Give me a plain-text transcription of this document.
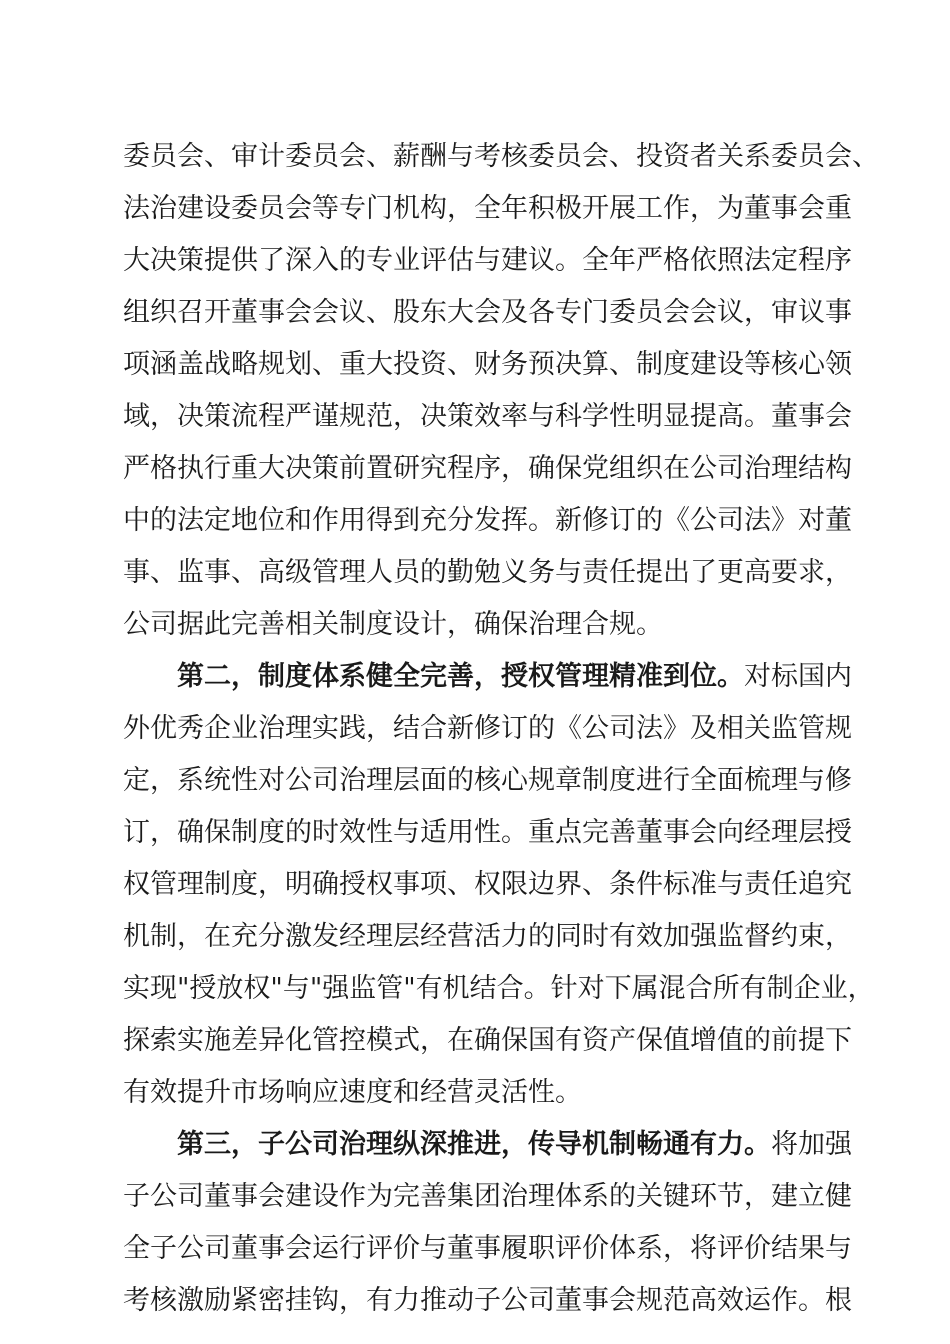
委员会、审计委员会、薪酬与考核委员会、投资者关系委员会、
法治建设委员会等专门机构，全年积极开展工作，为董事会重
大决策提供了深入的专业评估与建议。全年严格依照法定程序
组织召开董事会会议、股东大会及各专门委员会会议，审议事
项涵盖战略规划、重大投资、财务预决算、制度建设等核心领
域，决策流程严谨规范，决策效率与科学性明显提高。董事会
严格执行重大决策前置研究程序，确保党组织在公司治理结构
中的法定地位和作用得到充分发挥。新修订的《公司法》对董
事、监事、高级管理人员的勤勉义务与责任提出了更高要求，
公司据此完善相关制度设计，确保治理合规。
第二，制度体系健全完善，授权管理精准到位。对标国内
外优秀企业治理实践，结合新修订的《公司法》及相关监管规
定，系统性对公司治理层面的核心规章制度进行全面梳理与修
订，确保制度的时效性与适用性。重点完善董事会向经理层授
权管理制度，明确授权事项、权限边界、条件标准与责任追究
机制，在充分激发经理层经营活力的同时有效加强监督约束，
实现"授放权"与"强监管"有机结合。针对下属混合所有制企业，
探索实施差异化管控模式，在确保国有资产保值增值的前提下
有效提升市场响应速度和经营灵活性。
第三，子公司治理纵深推进，传导机制畅通有力。将加强
子公司董事会建设作为完善集团治理体系的关键环节，建立健
全子公司董事会运行评价与董事履职评价体系，将评价结果与
考核激励紧密挂钩，有力推动子公司董事会规范高效运作。根
